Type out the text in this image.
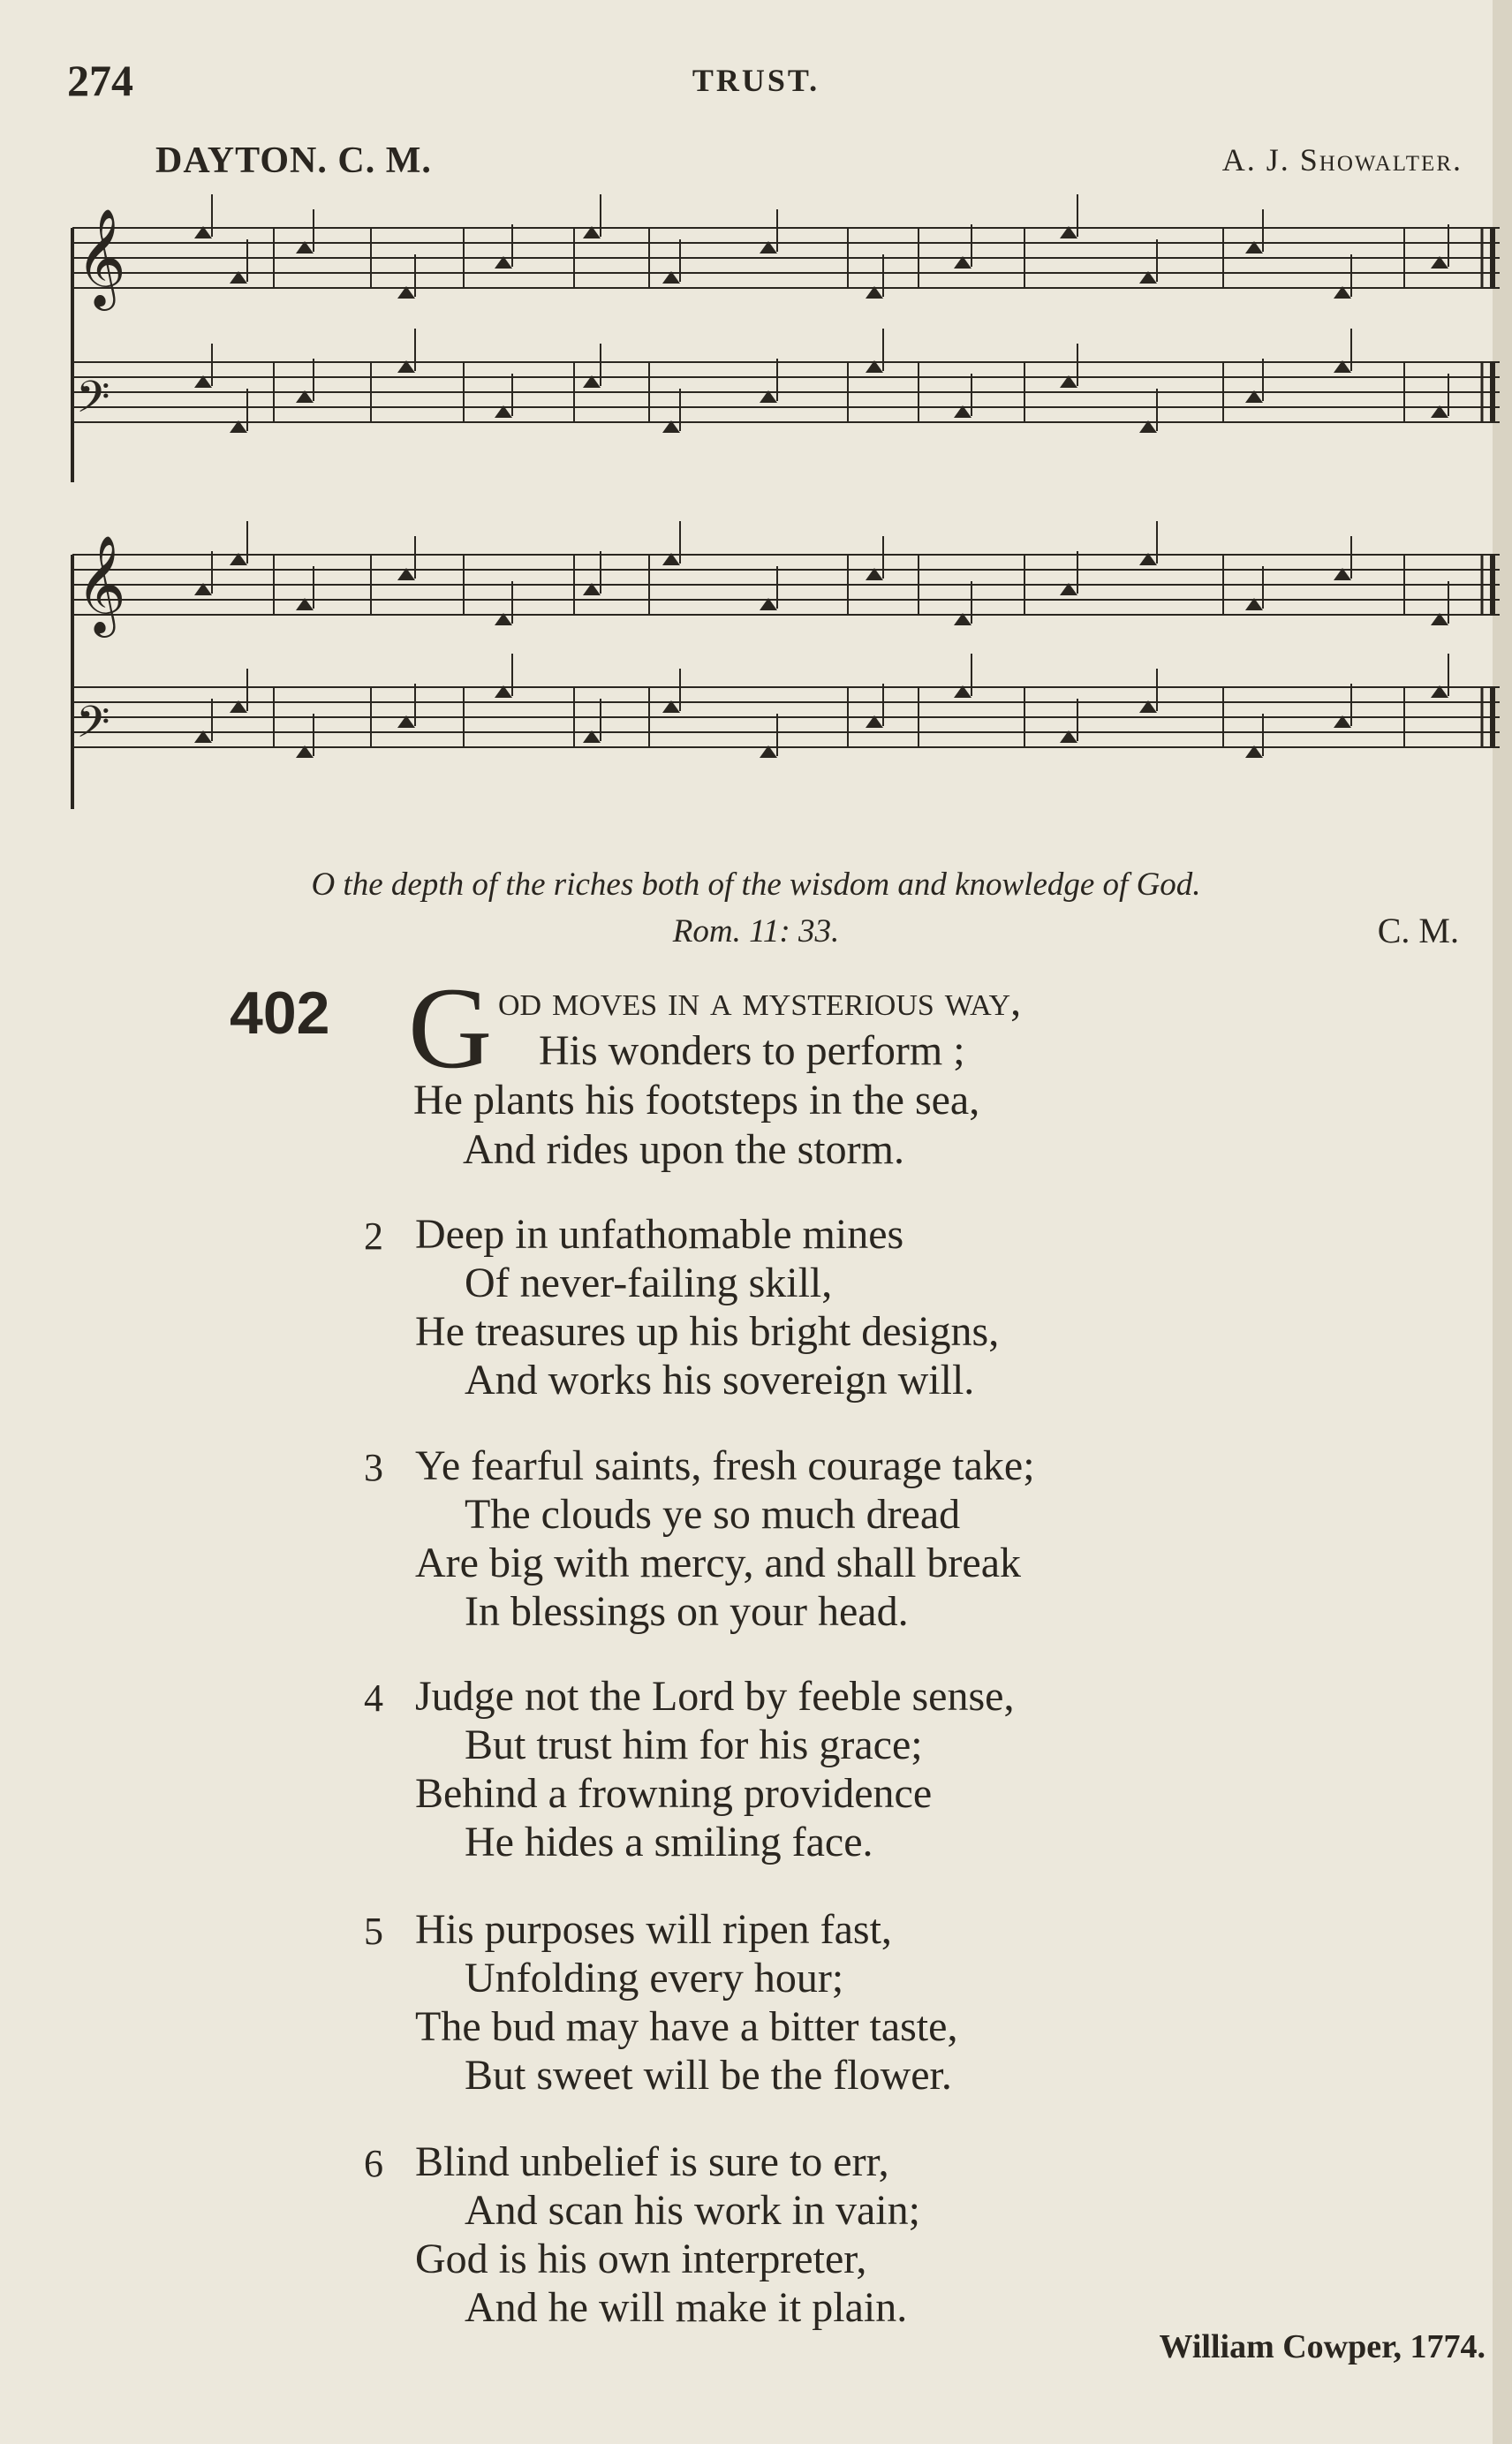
274	TRUST.
DAYTON. C. M.	A. J. Showalter.
𝄞
𝄢
𝄞
𝄢
O the depth of the riches both of the wisdom and knowledge of God.
Rom. 11: 33.	C. M.
402 G od moves in a mysterious way,
His wonders to perform ;
He plants his footsteps in the sea,
And rides upon the storm.
2 Deep in unfathomable mines
Of never-failing skill,
He treasures up his bright designs,
And works his sovereign will.
3 Ye fearful saints, fresh courage take;
The clouds ye so much dread
Are big with mercy, and shall break
In blessings on your head.
4 Judge not the Lord by feeble sense,
But trust him for his grace;
Behind a frowning providence
He hides a smiling face.
5 His purposes will ripen fast,
Unfolding every hour;
The bud may have a bitter taste,
But sweet will be the flower.
6 Blind unbelief is sure to err,
And scan his work in vain;
God is his own interpreter,
And he will make it plain.
William Cowper, 1774.
